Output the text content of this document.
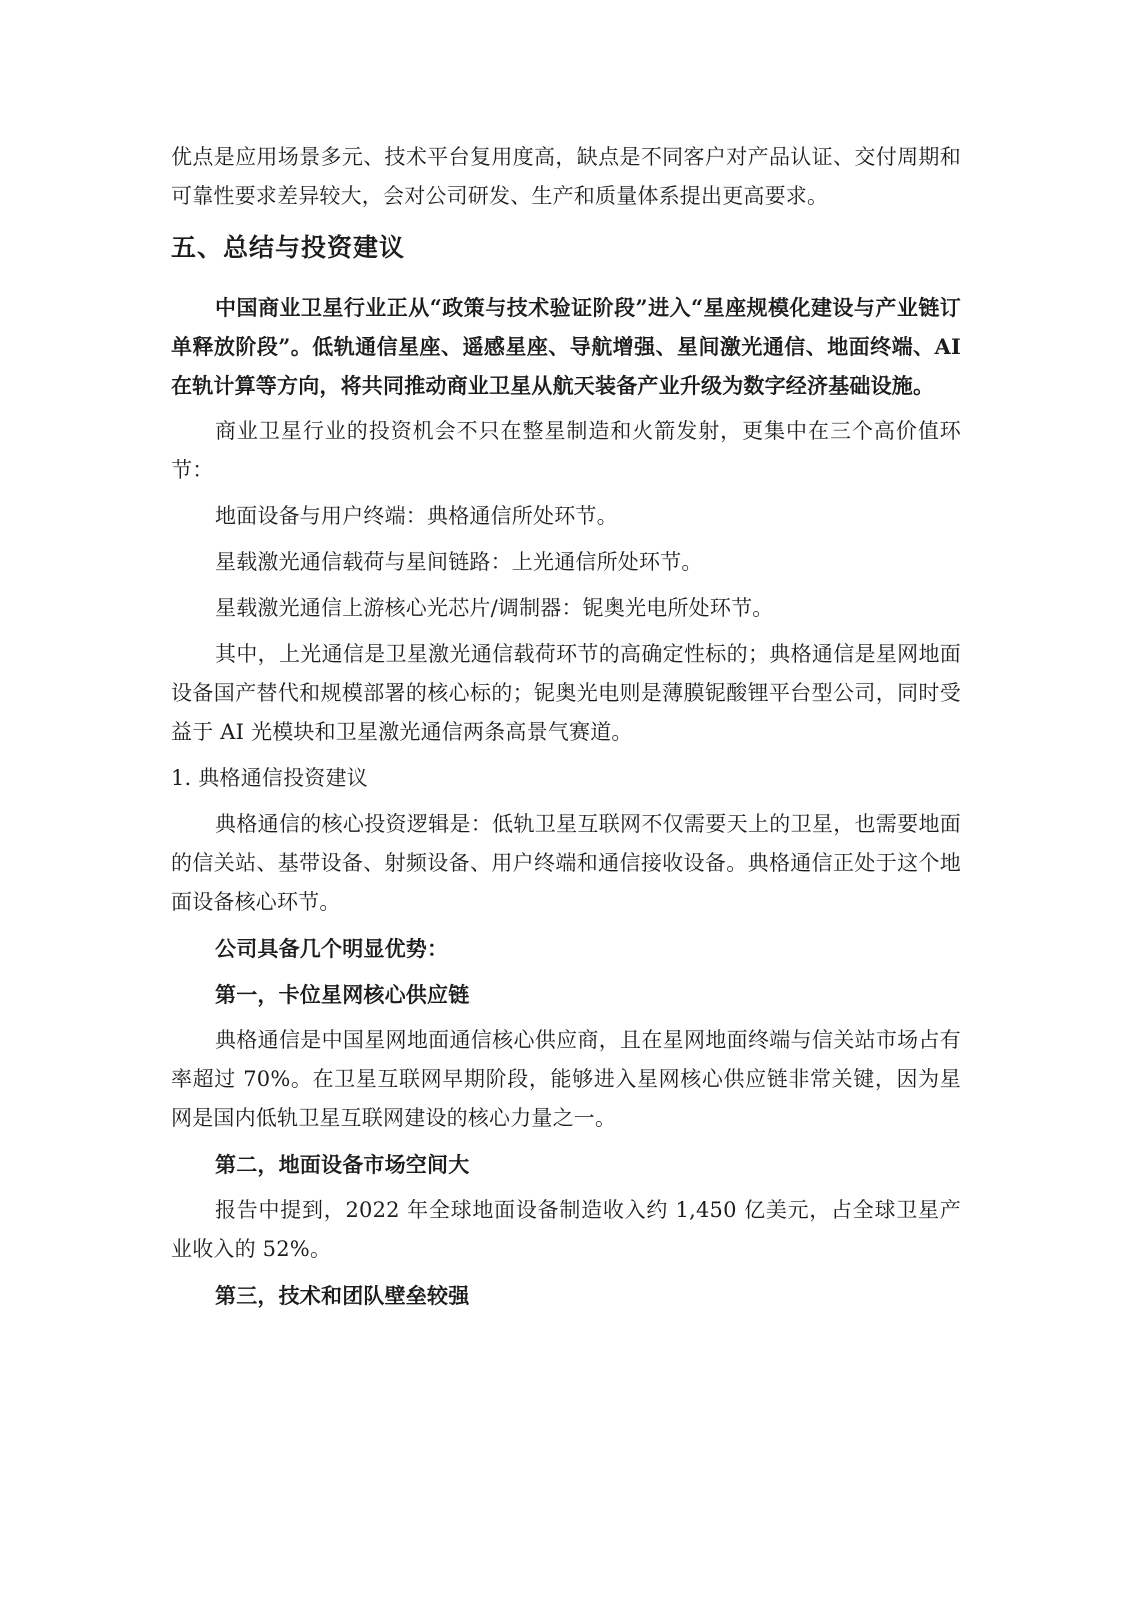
优点是应用场景多元、技术平台复用度高，缺点是不同客户对产品认证、交付周期和可靠性要求差异较大，会对公司研发、生产和质量体系提出更高要求。

五、总结与投资建议

中国商业卫星行业正从“政策与技术验证阶段”进入“星座规模化建设与产业链订单释放阶段”。低轨通信星座、遥感星座、导航增强、星间激光通信、地面终端、AI 在轨计算等方向，将共同推动商业卫星从航天装备产业升级为数字经济基础设施。

商业卫星行业的投资机会不只在整星制造和火箭发射，更集中在三个高价值环节：

地面设备与用户终端：典格通信所处环节。

星载激光通信载荷与星间链路：上光通信所处环节。

星载激光通信上游核心光芯片/调制器：铌奥光电所处环节。

其中，上光通信是卫星激光通信载荷环节的高确定性标的；典格通信是星网地面设备国产替代和规模部署的核心标的；铌奥光电则是薄膜铌酸锂平台型公司，同时受益于 AI 光模块和卫星激光通信两条高景气赛道。

1. 典格通信投资建议

典格通信的核心投资逻辑是：低轨卫星互联网不仅需要天上的卫星，也需要地面的信关站、基带设备、射频设备、用户终端和通信接收设备。典格通信正处于这个地面设备核心环节。

公司具备几个明显优势：

第一，卡位星网核心供应链

典格通信是中国星网地面通信核心供应商，且在星网地面终端与信关站市场占有率超过 70%。在卫星互联网早期阶段，能够进入星网核心供应链非常关键，因为星网是国内低轨卫星互联网建设的核心力量之一。

第二，地面设备市场空间大

报告中提到，2022 年全球地面设备制造收入约 1,450 亿美元，占全球卫星产业收入的 52%。

第三，技术和团队壁垒较强
